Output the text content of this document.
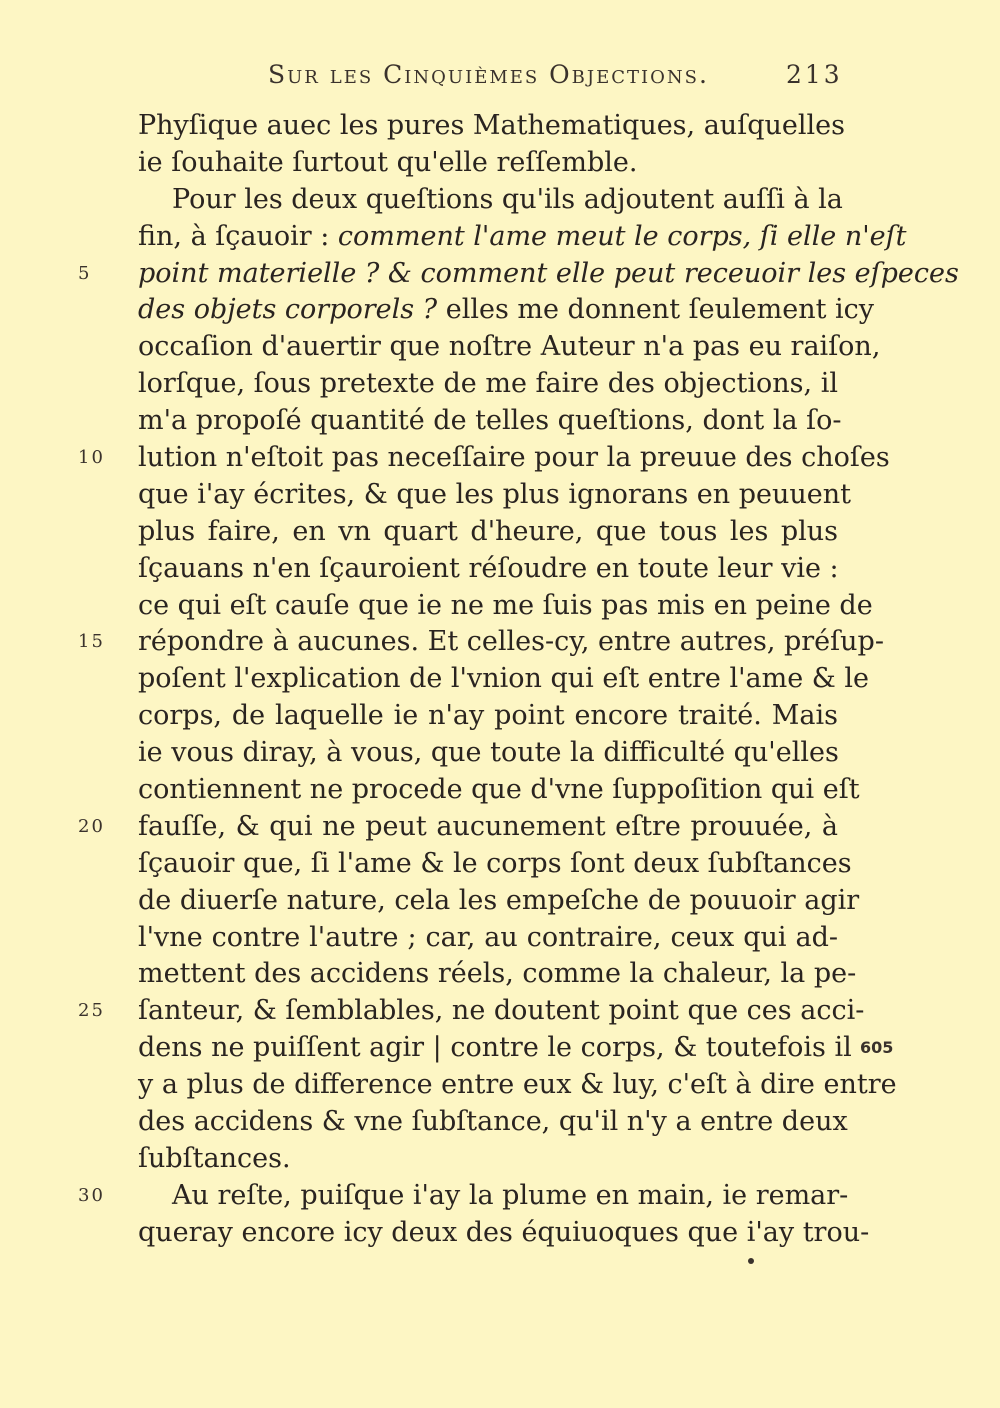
Sur les Cinquièmes Objections.	213
Phyſique auec les pures Mathematiques, auſquelles
ie ſouhaite ſurtout qu'elle reſſemble.
Pour les deux queſtions qu'ils adjoutent auſſi à la
fin, à ſçauoir : comment l'ame meut le corps, ſi elle n'eſt
5	point materielle ? & comment elle peut receuoir les eſpeces
des objets corporels ? elles me donnent ſeulement icy
occaſion d'auertir que noſtre Auteur n'a pas eu raiſon,
lorſque, ſous pretexte de me faire des objections, il
m'a propoſé quantité de telles queſtions, dont la ſo-
10	lution n'eſtoit pas neceſſaire pour la preuue des choſes
que i'ay écrites, & que les plus ignorans en peuuent
plus faire, en vn quart d'heure, que tous les plus
ſçauans n'en ſçauroient réſoudre en toute leur vie :
ce qui eſt cauſe que ie ne me ſuis pas mis en peine de
15	répondre à aucunes. Et celles-cy, entre autres, préſup-
poſent l'explication de l'vnion qui eſt entre l'ame & le
corps, de laquelle ie n'ay point encore traité. Mais
ie vous diray, à vous, que toute la difficulté qu'elles
contiennent ne procede que d'vne ſuppoſition qui eſt
20	fauſſe, & qui ne peut aucunement eſtre prouuée, à
ſçauoir que, ſi l'ame & le corps ſont deux ſubſtances
de diuerſe nature, cela les empeſche de pouuoir agir
l'vne contre l'autre ; car, au contraire, ceux qui ad-
mettent des accidens réels, comme la chaleur, la pe-
25	ſanteur, & ſemblables, ne doutent point que ces acci-
dens ne puiſſent agir | contre le corps, & toutefois il 605
y a plus de difference entre eux & luy, c'eſt à dire entre
des accidens & vne ſubſtance, qu'il n'y a entre deux
ſubſtances.
30	Au reſte, puiſque i'ay la plume en main, ie remar-
queray encore icy deux des équiuoques que i'ay trou-
